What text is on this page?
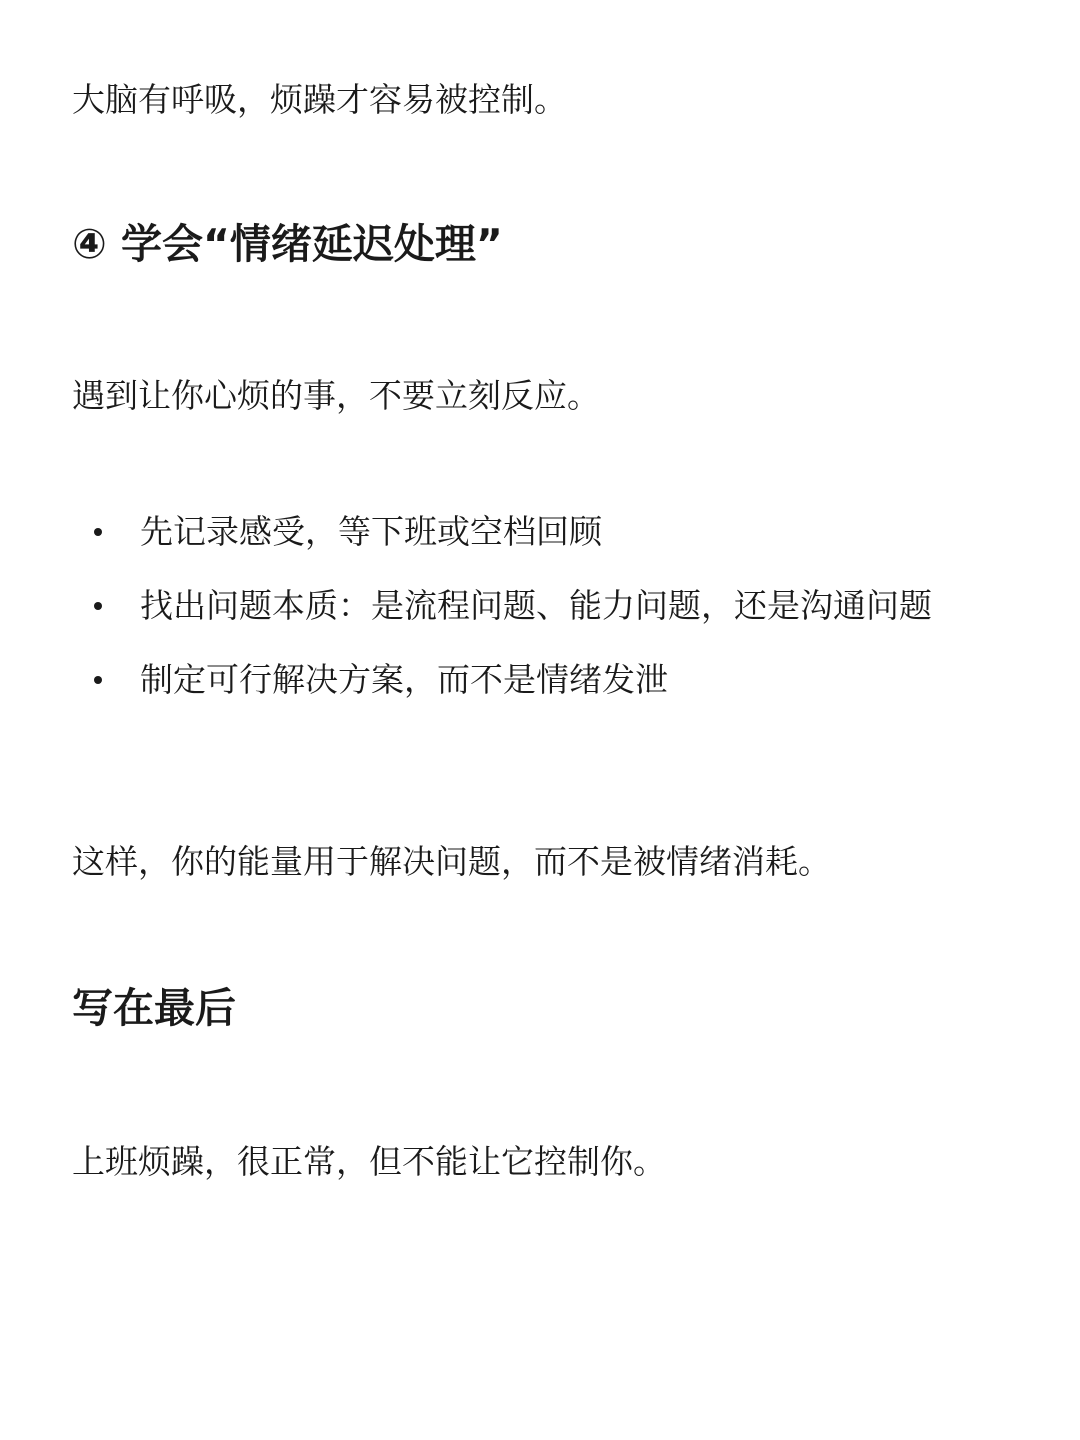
大脑有呼吸，烦躁才容易被控制。

④ 学会“情绪延迟处理”

遇到让你心烦的事，不要立刻反应。

先记录感受，等下班或空档回顾
找出问题本质：是流程问题、能力问题，还是沟通问题
制定可行解决方案，而不是情绪发泄

这样，你的能量用于解决问题，而不是被情绪消耗。

写在最后

上班烦躁，很正常，但不能让它控制你。
